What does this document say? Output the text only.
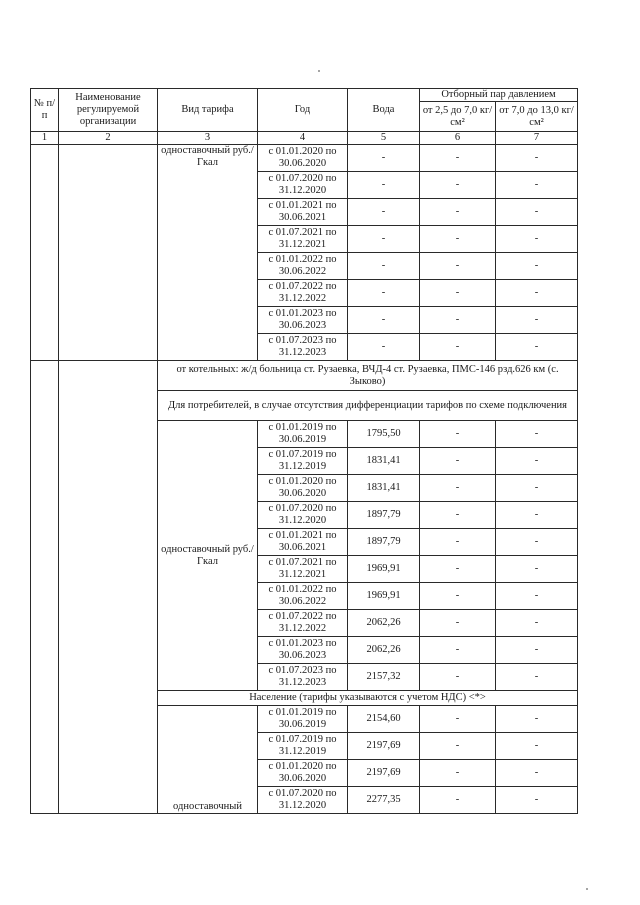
№ п/п	Наименование регулируемой организации	Вид тарифа	Год	Вода	Отборный пар давлением	
					от 2,5 до 7,0 кг/см²	от 7,0 до 13,0 кг/см²
1	2	3	4	5	6	7
		одноставочный руб./Гкал	с 01.01.2020 по 30.06.2020	-	-	-
			с 01.07.2020 по 31.12.2020	-	-	-
			с 01.01.2021 по 30.06.2021	-	-	-
			с 01.07.2021 по 31.12.2021	-	-	-
			с 01.01.2022 по 30.06.2022	-	-	-
			с 01.07.2022 по 31.12.2022	-	-	-
			с 01.01.2023 по 30.06.2023	-	-	-
			с 01.07.2023 по 31.12.2023	-	-	-
		от котельных: ж/д больница ст. Рузаевка, ВЧД-4 ст. Рузаевка, ПМС-146 рзд.626 км (с. Зыково)				
		Для потребителей, в случае отсутствия дифференциации тарифов по схеме подключения				
		одноставочный руб./Гкал	с 01.01.2019 по 30.06.2019	1795,50	-	-
			с 01.07.2019 по 31.12.2019	1831,41	-	-
			с 01.01.2020 по 30.06.2020	1831,41	-	-
			с 01.07.2020 по 31.12.2020	1897,79	-	-
			с 01.01.2021 по 30.06.2021	1897,79	-	-
			с 01.07.2021 по 31.12.2021	1969,91	-	-
			с 01.01.2022 по 30.06.2022	1969,91	-	-
			с 01.07.2022 по 31.12.2022	2062,26	-	-
			с 01.01.2023 по 30.06.2023	2062,26	-	-
			с 01.07.2023 по 31.12.2023	2157,32	-	-
		Население (тарифы указываются с учетом НДС) <*>				
		одноставочный	с 01.01.2019 по 30.06.2019	2154,60	-	-
			с 01.07.2019 по 31.12.2019	2197,69	-	-
			с 01.01.2020 по 30.06.2020	2197,69	-	-
			с 01.07.2020 по 31.12.2020	2277,35	-	-
